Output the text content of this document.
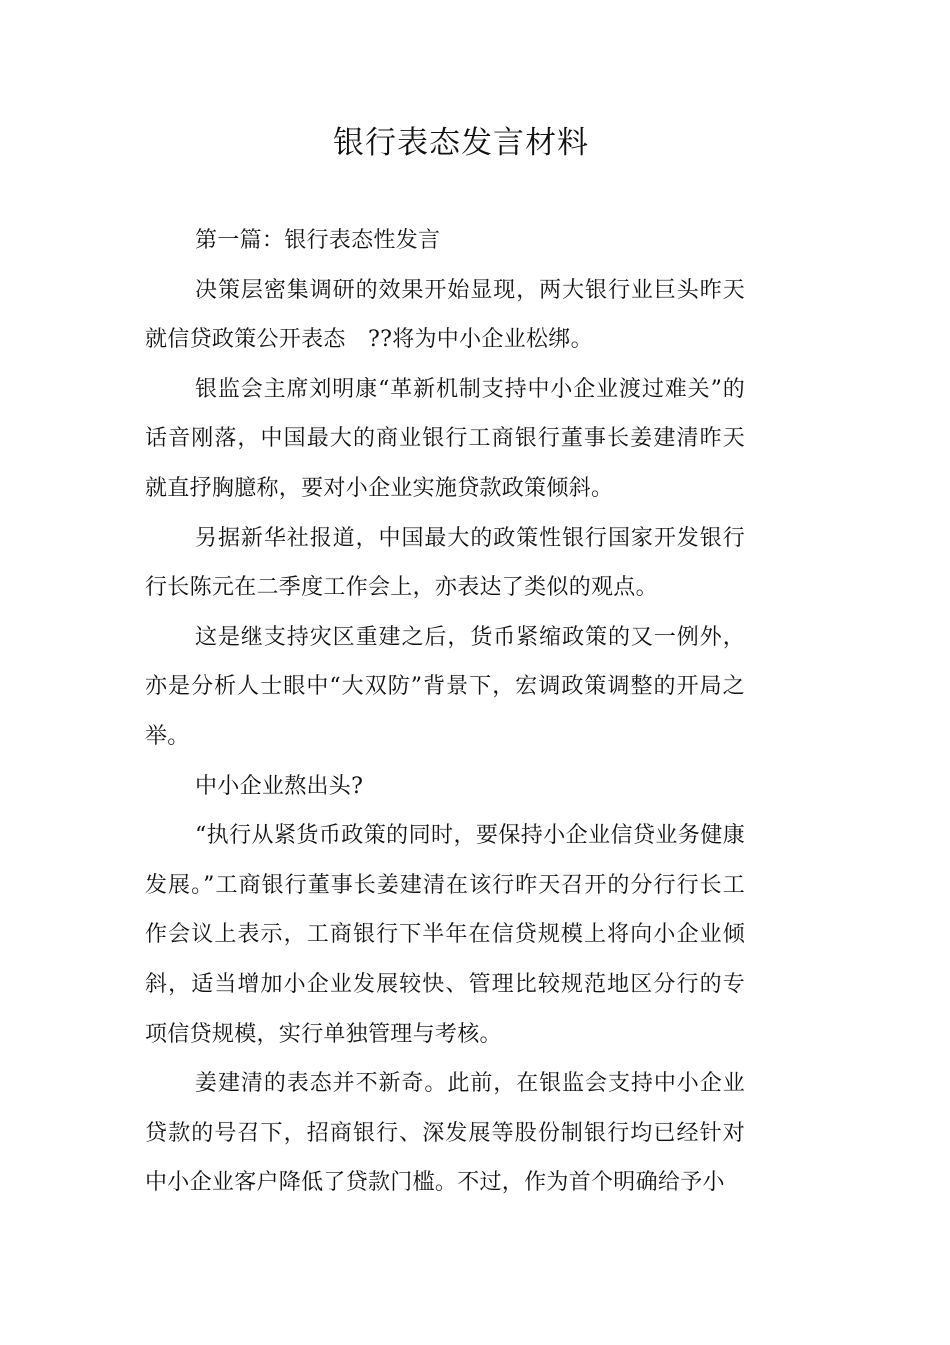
银行表态发言材料

第一篇：银行表态性发言

决策层密集调研的效果开始显现，两大银行业巨头昨天就信贷政策公开表态　??将为中小企业松绑。

银监会主席刘明康“革新机制支持中小企业渡过难关”的话音刚落，中国最大的商业银行工商银行董事长姜建清昨天就直抒胸臆称，要对小企业实施贷款政策倾斜。

另据新华社报道，中国最大的政策性银行国家开发银行行长陈元在二季度工作会上，亦表达了类似的观点。

这是继支持灾区重建之后，货币紧缩政策的又一例外，亦是分析人士眼中“大双防”背景下，宏调政策调整的开局之举。

中小企业熬出头?

“执行从紧货币政策的同时，要保持小企业信贷业务健康发展。”工商银行董事长姜建清在该行昨天召开的分行行长工作会议上表示，工商银行下半年在信贷规模上将向小企业倾斜，适当增加小企业发展较快、管理比较规范地区分行的专项信贷规模，实行单独管理与考核。

姜建清的表态并不新奇。此前，在银监会支持中小企业贷款的号召下，招商银行、深发展等股份制银行均已经针对中小企业客户降低了贷款门槛。不过，作为首个明确给予小
